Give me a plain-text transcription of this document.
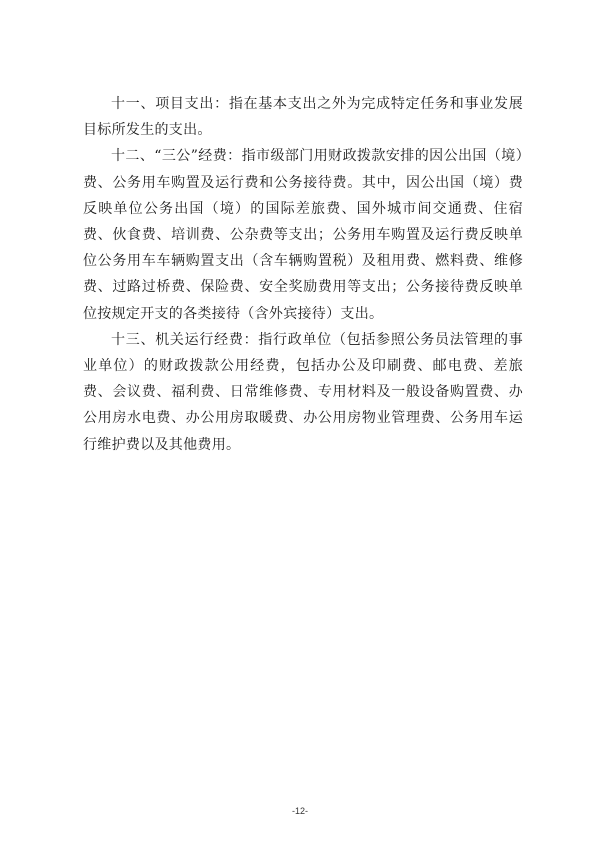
十一、项目支出：指在基本支出之外为完成特定任务和事业发展目标所发生的支出。

十二、“三公”经费：指市级部门用财政拨款安排的因公出国（境）费、公务用车购置及运行费和公务接待费。其中，因公出国（境）费反映单位公务出国（境）的国际差旅费、国外城市间交通费、住宿费、伙食费、培训费、公杂费等支出；公务用车购置及运行费反映单位公务用车车辆购置支出（含车辆购置税）及租用费、燃料费、维修费、过路过桥费、保险费、安全奖励费用等支出；公务接待费反映单位按规定开支的各类接待（含外宾接待）支出。

十三、机关运行经费：指行政单位（包括参照公务员法管理的事业单位）的财政拨款公用经费，包括办公及印刷费、邮电费、差旅费、会议费、福利费、日常维修费、专用材料及一般设备购置费、办公用房水电费、办公用房取暖费、办公用房物业管理费、公务用车运行维护费以及其他费用。

-12-
